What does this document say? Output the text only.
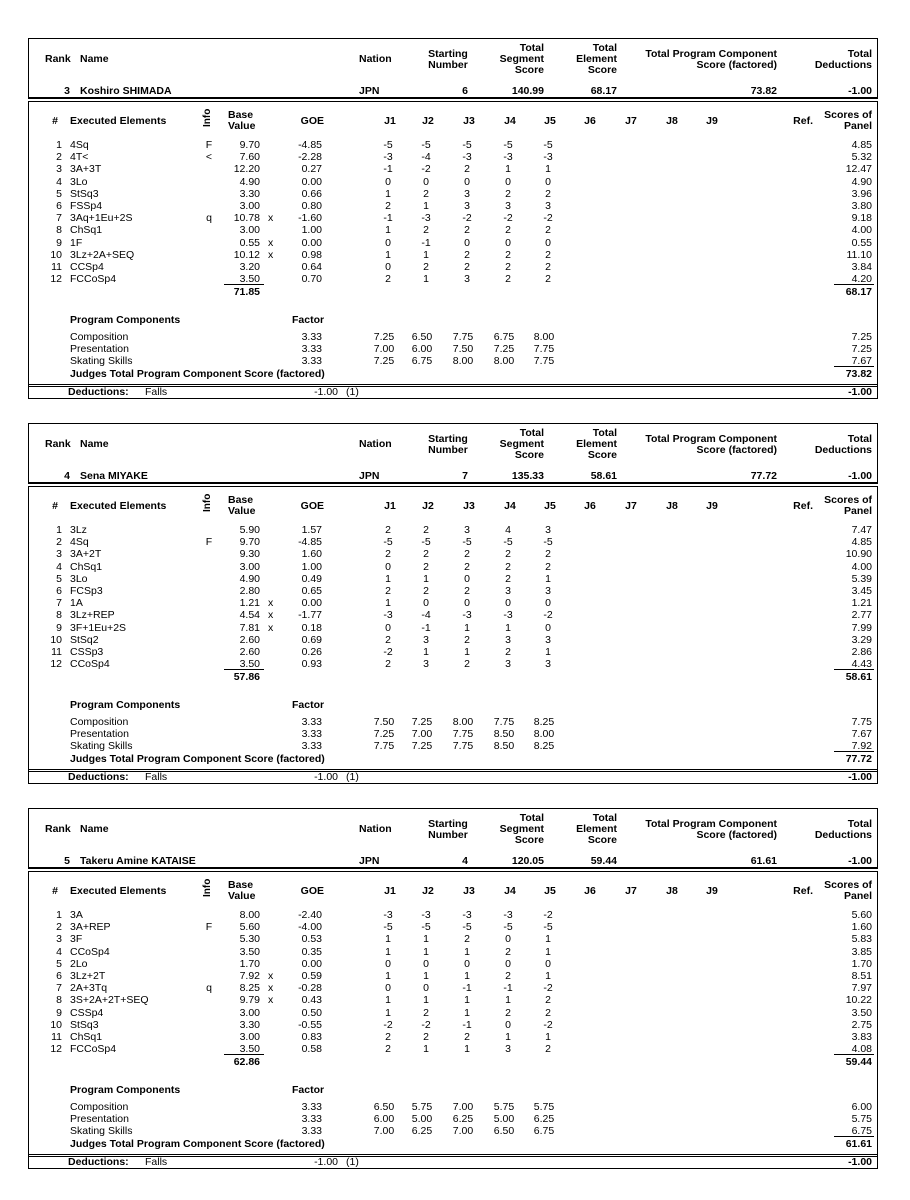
Rank Name	Nation	Starting
Number
Total
Segment
Score
Total
Element
Score
Total Program Component
Score (factored)
Total
Deductions
3 Koshiro SHIMADA	JPN	6	140.99	68.17	73.82	-1.00
# Executed Elements	Info Base
Value	GOE	J1	J2	J3	J4	J5	J6	J7	J8	J9	Ref.	Scores of
Panel
1 4Sq	F	9.70	-4.85	-5	-5	-5	-5	-5	4.85
2 4T<	<	7.60	-2.28	-3	-4	-3	-3	-3	5.32
3 3A+3T	12.20	0.27	-1	-2	2	1	1	12.47
4 3Lo	4.90	0.00	0	0	0	0	0	4.90
5 StSq3	3.30	0.66	1	2	3	2	2	3.96
6 FSSp4	3.00	0.80	2	1	3	3	3	3.80
7 3Aq+1Eu+2S	q	10.78 x	-1.60	-1	-3	-2	-2	-2	9.18
8 ChSq1	3.00	1.00	1	2	2	2	2	4.00
9 1F	0.55 x	0.00	0	-1	0	0	0	0.55
10 3Lz+2A+SEQ	10.12 x	0.98	1	1	2	2	2	11.10
11 CCSp4	3.20	0.64	0	2	2	2	2	3.84
12 FCCoSp4	3.50	0.70	2	1	3	2	2	4.20
71.85	68.17
Program Components	Factor
Composition	3.33	7.25	6.50	7.75	6.75	8.00	7.25
Presentation	3.33	7.00	6.00	7.50	7.25	7.75	7.25
Skating Skills	3.33	7.25	6.75	8.00	8.00	7.75	7.67
Judges Total Program Component Score (factored)	73.82
Deductions: Falls	-1.00 (1)	-1.00
Rank Name	Nation	Starting
Number
Total
Segment
Score
Total
Element
Score
Total Program Component
Score (factored)
Total
Deductions
4 Sena MIYAKE	JPN	7	135.33	58.61	77.72	-1.00
# Executed Elements	Info Base
Value	GOE	J1	J2	J3	J4	J5	J6	J7	J8	J9	Ref.	Scores of
Panel
1 3Lz	5.90	1.57	2	2	3	4	3	7.47
2 4Sq	F	9.70	-4.85	-5	-5	-5	-5	-5	4.85
3 3A+2T	9.30	1.60	2	2	2	2	2	10.90
4 ChSq1	3.00	1.00	0	2	2	2	2	4.00
5 3Lo	4.90	0.49	1	1	0	2	1	5.39
6 FCSp3	2.80	0.65	2	2	2	3	3	3.45
7 1A	1.21 x	0.00	1	0	0	0	0	1.21
8 3Lz+REP	4.54 x	-1.77	-3	-4	-3	-3	-2	2.77
9 3F+1Eu+2S	7.81 x	0.18	0	-1	1	1	0	7.99
10 StSq2	2.60	0.69	2	3	2	3	3	3.29
11 CSSp3	2.60	0.26	-2	1	1	2	1	2.86
12 CCoSp4	3.50	0.93	2	3	2	3	3	4.43
57.86	58.61
Program Components	Factor
Composition	3.33	7.50	7.25	8.00	7.75	8.25	7.75
Presentation	3.33	7.25	7.00	7.75	8.50	8.00	7.67
Skating Skills	3.33	7.75	7.25	7.75	8.50	8.25	7.92
Judges Total Program Component Score (factored)	77.72
Deductions: Falls	-1.00 (1)	-1.00
Rank Name	Nation	Starting
Number
Total
Segment
Score
Total
Element
Score
Total Program Component
Score (factored)
Total
Deductions
5 Takeru Amine KATAISE	JPN	4	120.05	59.44	61.61	-1.00
# Executed Elements	Info Base
Value	GOE	J1	J2	J3	J4	J5	J6	J7	J8	J9	Ref.	Scores of
Panel
1 3A	8.00	-2.40	-3	-3	-3	-3	-2	5.60
2 3A+REP	F	5.60	-4.00	-5	-5	-5	-5	-5	1.60
3 3F	5.30	0.53	1	1	2	0	1	5.83
4 CCoSp4	3.50	0.35	1	1	1	2	1	3.85
5 2Lo	1.70	0.00	0	0	0	0	0	1.70
6 3Lz+2T	7.92 x	0.59	1	1	1	2	1	8.51
7 2A+3Tq	q	8.25 x	-0.28	0	0	-1	-1	-2	7.97
8 3S+2A+2T+SEQ	9.79 x	0.43	1	1	1	1	2	10.22
9 CSSp4	3.00	0.50	1	2	1	2	2	3.50
10 StSq3	3.30	-0.55	-2	-2	-1	0	-2	2.75
11 ChSq1	3.00	0.83	2	2	2	1	1	3.83
12 FCCoSp4	3.50	0.58	2	1	1	3	2	4.08
62.86	59.44
Program Components	Factor
Composition	3.33	6.50	5.75	7.00	5.75	5.75	6.00
Presentation	3.33	6.00	5.00	6.25	5.00	6.25	5.75
Skating Skills	3.33	7.00	6.25	7.00	6.50	6.75	6.75
Judges Total Program Component Score (factored)	61.61
Deductions: Falls	-1.00 (1)	-1.00
